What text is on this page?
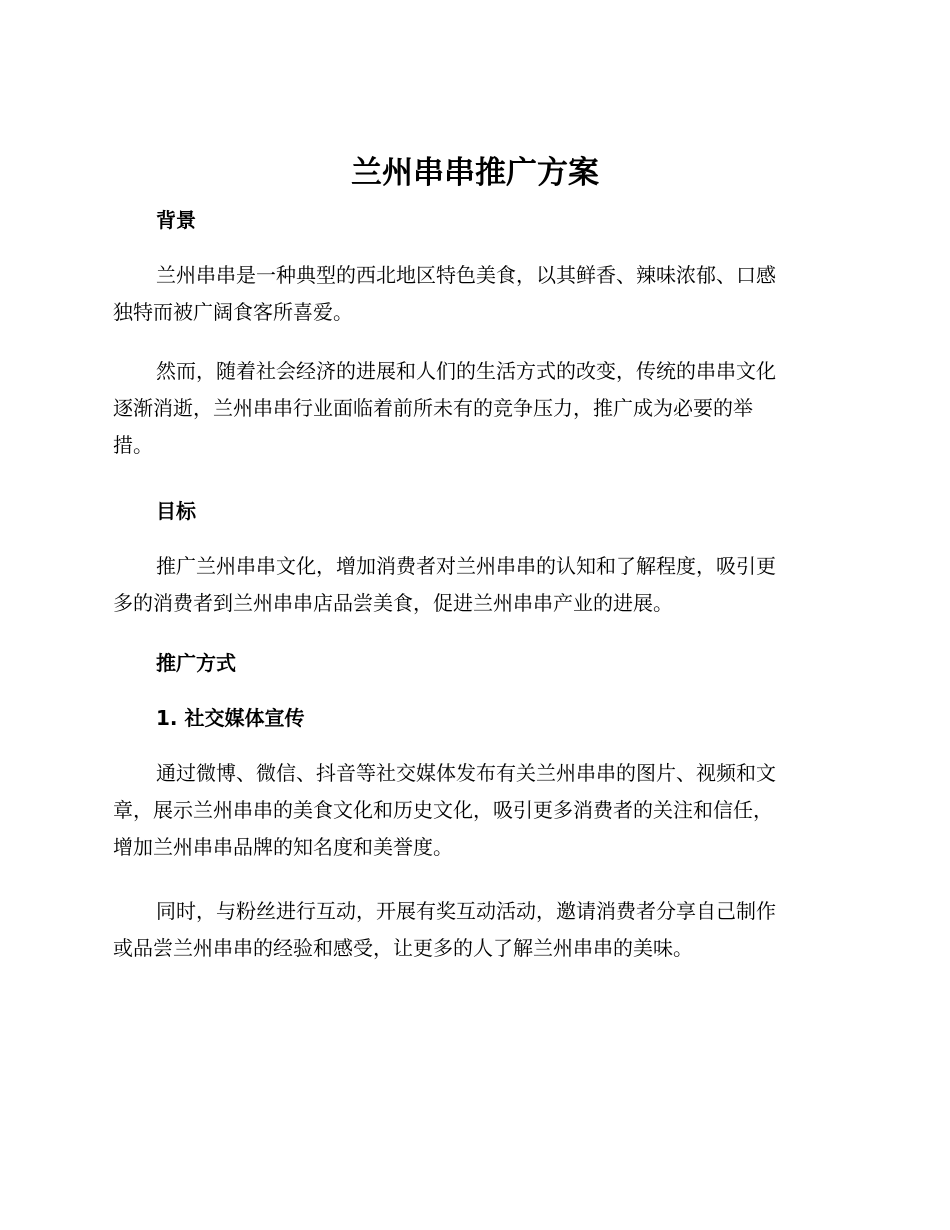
兰州串串推广方案
背景

兰州串串是一种典型的西北地区特色美食，以其鲜香、辣味浓郁、口感
独特而被广阔食客所喜爱。

然而，随着社会经济的进展和人们的生活方式的改变，传统的串串文化
逐渐消逝，兰州串串行业面临着前所未有的竞争压力，推广成为必要的举
措。

目标

推广兰州串串文化，增加消费者对兰州串串的认知和了解程度，吸引更
多的消费者到兰州串串店品尝美食，促进兰州串串产业的进展。

推广方式
1. 社交媒体宣传

通过微博、微信、抖音等社交媒体发布有关兰州串串的图片、视频和文
章，展示兰州串串的美食文化和历史文化，吸引更多消费者的关注和信任，
增加兰州串串品牌的知名度和美誉度。

同时，与粉丝进行互动，开展有奖互动活动，邀请消费者分享自己制作
或品尝兰州串串的经验和感受，让更多的人了解兰州串串的美味。
